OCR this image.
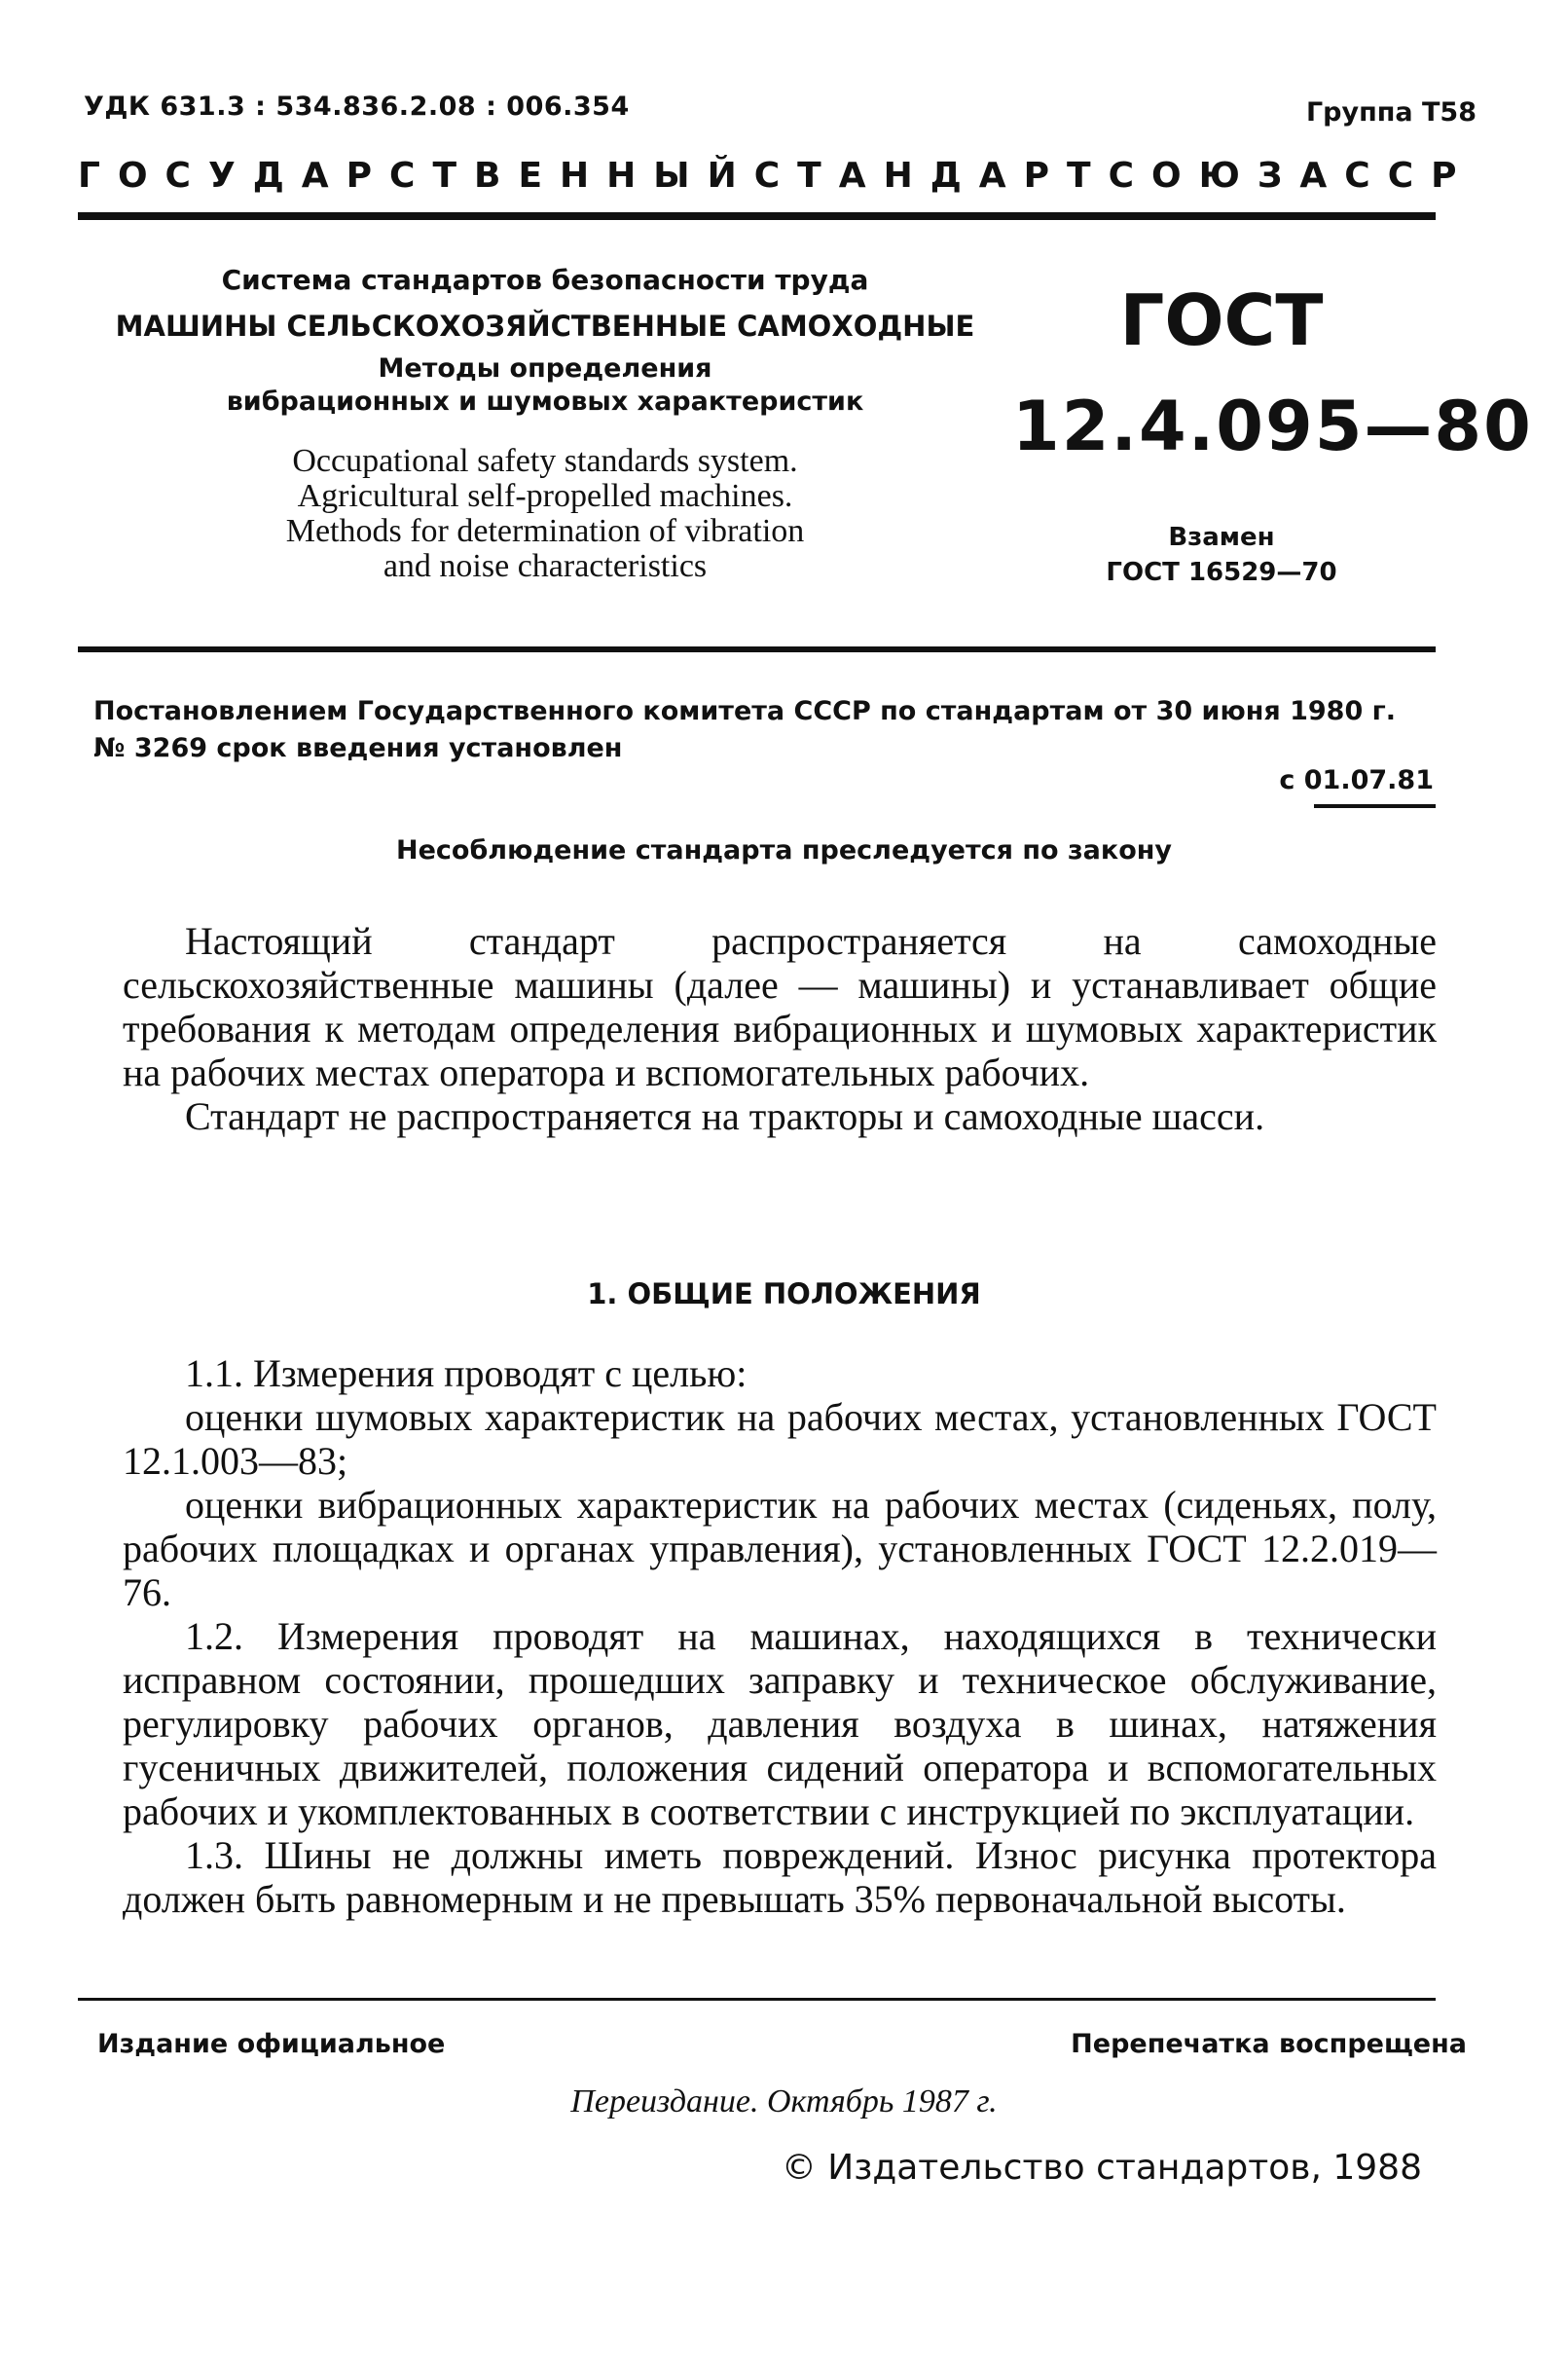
УДК 631.3 : 534.836.2.08 : 006.354	Группа Т58
ГОСУДАРСТВЕННЫЙ СТАНДАРТ СОЮЗА ССР
Система стандартов безопасности труда
МАШИНЫ СЕЛЬСКОХОЗЯЙСТВЕННЫЕ САМОХОДНЫЕ
Методы определения
вибрационных и шумовых характеристик
Occupational safety standards system.
Agricultural self-propelled machines.
Methods for determination of vibration
and noise characteristics
ГОСТ
12.4.095—80
Взамен
ГОСТ 16529—70
Постановлением Государственного комитета СССР по стандартам от 30 июня 1980 г. № 3269 срок введения установлен
с 01.07.81
Несоблюдение стандарта преследуется по закону

Настоящий стандарт распространяется на самоходные сельскохозяйственные машины (далее — машины) и устанавливает общие требования к методам определения вибрационных и шумовых характеристик на рабочих местах оператора и вспомогательных рабочих.

Стандарт не распространяется на тракторы и самоходные шасси.

1. ОБЩИЕ ПОЛОЖЕНИЯ

1.1. Измерения проводят с целью:

оценки шумовых характеристик на рабочих местах, установленных ГОСТ 12.1.003—83;

оценки вибрационных характеристик на рабочих местах (сиденьях, полу, рабочих площадках и органах управления), установленных ГОСТ 12.2.019—76.

1.2. Измерения проводят на машинах, находящихся в технически исправном состоянии, прошедших заправку и техническое обслуживание, регулировку рабочих органов, давления воздуха в шинах, натяжения гусеничных движителей, положения сидений оператора и вспомогательных рабочих и укомплектованных в соответствии с инструкцией по эксплуатации.

1.3. Шины не должны иметь повреждений. Износ рисунка протектора должен быть равномерным и не превышать 35% первоначальной высоты.

Издание официальное	Перепечатка воспрещена
Переиздание. Октябрь 1987 г.
© Издательство стандартов, 1988
